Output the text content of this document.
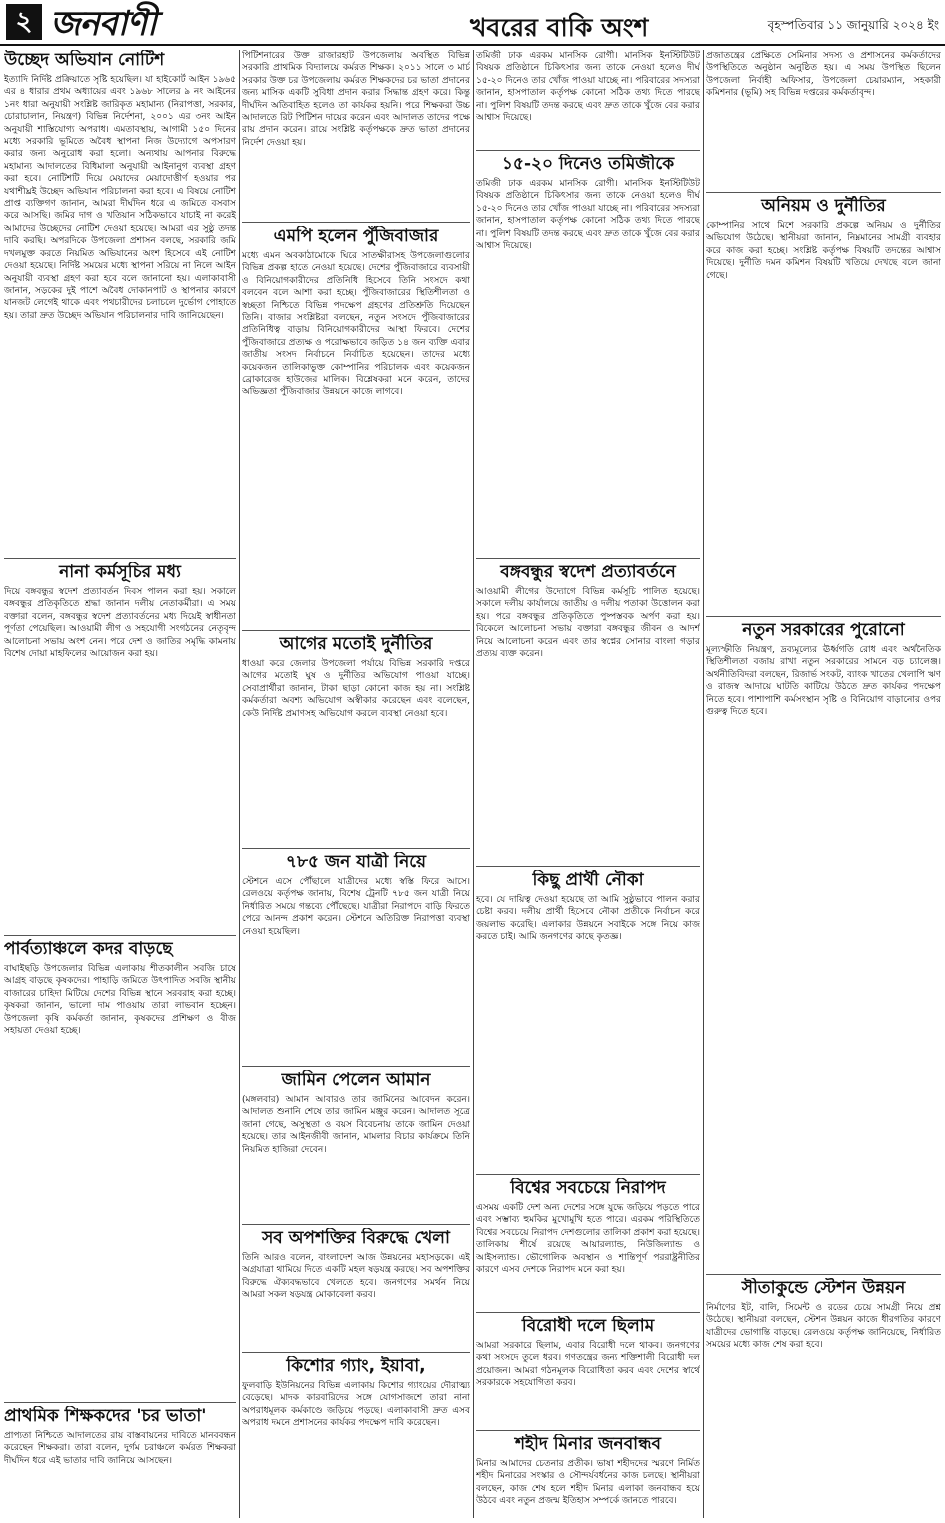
২ জনবাণী	খবরের বাকি অংশ	বৃহস্পতিবার ১১ জানুয়ারি ২০২৪ ইং
উচ্ছেদ অভিযান নোটিশ

ইত্যাদি নির্দিষ্ট প্রক্রিয়াতে সৃষ্টি হয়েছিল। যা হাইকোর্ট আইন ১৯৬৫ এর ৪ ধারার প্রথম অধ্যায়ের এবং ১৯৬৮ সালের ৯ নং আইনের ১নং ধারা অনুযায়ী সংশ্লিষ্ট জারিকৃত মহামান্য (নিরাপত্তা, সরকার, চোরাচালান, নিয়ন্ত্রণ) বিভিন্ন নির্দেশনা, ২০০১ এর ৩নং আইন অনুযায়ী শাস্তিযোগ্য অপরাধ। এমতাবস্থায়, আগামী ১৫০ দিনের মধ্যে সরকারি ভূমিতে অবৈধ স্থাপনা নিজ উদ্যোগে অপসারণ করার জন্য অনুরোধ করা হলো। অন্যথায় আপনার বিরুদ্ধে মহামান্য আদালতের বিধিমালা অনুযায়ী আইনানুগ ব্যবস্থা গ্রহণ করা হবে। নোটিশটি দিয়ে মেয়াদের মেয়াদোত্তীর্ণ হওয়ার পর যথাশীঘ্রই উচ্ছেদ অভিযান পরিচালনা করা হবে। এ বিষয়ে নোটিশ প্রাপ্ত ব্যক্তিগণ জানান, আমরা দীর্ঘদিন ধরে এ জমিতে বসবাস করে আসছি। জমির দাগ ও খতিয়ান সঠিকভাবে যাচাই না করেই আমাদের উচ্ছেদের নোটিশ দেওয়া হয়েছে। আমরা এর সুষ্ঠু তদন্ত দাবি করছি। অপরদিকে উপজেলা প্রশাসন বলছে, সরকারি জমি দখলমুক্ত করতে নিয়মিত অভিযানের অংশ হিসেবে এই নোটিশ দেওয়া হয়েছে। নির্দিষ্ট সময়ের মধ্যে স্থাপনা সরিয়ে না নিলে আইন অনুযায়ী ব্যবস্থা গ্রহণ করা হবে বলে জানানো হয়। এলাকাবাসী জানান, সড়কের দুই পাশে অবৈধ দোকানপাট ও স্থাপনার কারণে যানজট লেগেই থাকে এবং পথচারীদের চলাচলে দুর্ভোগ পোহাতে হয়। তারা দ্রুত উচ্ছেদ অভিযান পরিচালনার দাবি জানিয়েছেন।

নানা কর্মসূচির মধ্য

দিয়ে বঙ্গবন্ধুর স্বদেশ প্রত্যাবর্তন দিবস পালন করা হয়। সকালে বঙ্গবন্ধুর প্রতিকৃতিতে শ্রদ্ধা জানান দলীয় নেতাকর্মীরা। এ সময় বক্তারা বলেন, বঙ্গবন্ধুর স্বদেশ প্রত্যাবর্তনের মধ্য দিয়েই স্বাধীনতা পূর্ণতা পেয়েছিল। আওয়ামী লীগ ও সহযোগী সংগঠনের নেতৃবৃন্দ আলোচনা সভায় অংশ নেন। পরে দেশ ও জাতির সমৃদ্ধি কামনায় বিশেষ দোয়া মাহফিলের আয়োজন করা হয়।

পার্বত্যাঞ্চলে কদর বাড়ছে

বাঘাইছড়ি উপজেলার বিভিন্ন এলাকায় শীতকালীন সবজি চাষে আগ্রহ বাড়ছে কৃষকদের। পাহাড়ি জমিতে উৎপাদিত সবজি স্থানীয় বাজারের চাহিদা মিটিয়ে দেশের বিভিন্ন স্থানে সরবরাহ করা হচ্ছে। কৃষকরা জানান, ভালো দাম পাওয়ায় তারা লাভবান হচ্ছেন। উপজেলা কৃষি কর্মকর্তা জানান, কৃষকদের প্রশিক্ষণ ও বীজ সহায়তা দেওয়া হচ্ছে।

প্রাথমিক শিক্ষকদের 'চর ভাতা'

প্রাপ্যতা নিশ্চিতে আদালতের রায় বাস্তবায়নের দাবিতে মানববন্ধন করেছেন শিক্ষকরা। তারা বলেন, দুর্গম চরাঞ্চলে কর্মরত শিক্ষকরা দীর্ঘদিন ধরে এই ভাতার দাবি জানিয়ে আসছেন।

পিটিশনারের উক্ত রাজারহাট উপজেলায় অবস্থিত বিভিন্ন সরকারি প্রাথমিক বিদ্যালয়ে কর্মরত শিক্ষক। ২০১১ সালে ৩ মার্চ সরকার উক্ত চর উপজেলায় কর্মরত শিক্ষকদের চর ভাতা প্রদানের জন্য মাসিক একটি সুবিধা প্রদান করার সিদ্ধান্ত গ্রহণ করে। কিন্তু দীর্ঘদিন অতিবাহিত হলেও তা কার্যকর হয়নি। পরে শিক্ষকরা উচ্চ আদালতে রিট পিটিশন দায়ের করেন এবং আদালত তাদের পক্ষে রায় প্রদান করেন। রায়ে সংশ্লিষ্ট কর্তৃপক্ষকে দ্রুত ভাতা প্রদানের নির্দেশ দেওয়া হয়।

এমপি হলেন পুঁজিবাজার

মধ্যে এমন অবকাঠামোকে ঘিরে সাতক্ষীরাসহ উপজেলাগুলোর বিভিন্ন প্রকল্প হাতে নেওয়া হয়েছে। দেশের পুঁজিবাজারে ব্যবসায়ী ও বিনিয়োগকারীদের প্রতিনিধি হিসেবে তিনি সংসদে কথা বলবেন বলে আশা করা হচ্ছে। পুঁজিবাজারের স্থিতিশীলতা ও স্বচ্ছতা নিশ্চিতে বিভিন্ন পদক্ষেপ গ্রহণের প্রতিশ্রুতি দিয়েছেন তিনি। বাজার সংশ্লিষ্টরা বলছেন, নতুন সংসদে পুঁজিবাজারের প্রতিনিধিত্ব বাড়ায় বিনিয়োগকারীদের আস্থা ফিরবে। দেশের পুঁজিবাজারে প্রত্যক্ষ ও পরোক্ষভাবে জড়িত ১৪ জন ব্যক্তি এবার জাতীয় সংসদ নির্বাচনে নির্বাচিত হয়েছেন। তাদের মধ্যে কয়েকজন তালিকাভুক্ত কোম্পানির পরিচালক এবং কয়েকজন ব্রোকারেজ হাউজের মালিক। বিশ্লেষকরা মনে করেন, তাদের অভিজ্ঞতা পুঁজিবাজার উন্নয়নে কাজে লাগবে।

আগের মতোই দুর্নীতির

ধাওয়া করে জেলার উপজেলা পর্যায়ে বিভিন্ন সরকারি দপ্তরে আগের মতোই ঘুষ ও দুর্নীতির অভিযোগ পাওয়া যাচ্ছে। সেবাপ্রার্থীরা জানান, টাকা ছাড়া কোনো কাজ হয় না। সংশ্লিষ্ট কর্মকর্তারা অবশ্য অভিযোগ অস্বীকার করেছেন এবং বলেছেন, কেউ নির্দিষ্ট প্রমাণসহ অভিযোগ করলে ব্যবস্থা নেওয়া হবে।

৭৮৫ জন যাত্রী নিয়ে

স্টেশনে এসে পৌঁছালে যাত্রীদের মধ্যে স্বস্তি ফিরে আসে। রেলওয়ে কর্তৃপক্ষ জানায়, বিশেষ ট্রেনটি ৭৮৫ জন যাত্রী নিয়ে নির্ধারিত সময়ে গন্তব্যে পৌঁছেছে। যাত্রীরা নিরাপদে বাড়ি ফিরতে পেরে আনন্দ প্রকাশ করেন। স্টেশনে অতিরিক্ত নিরাপত্তা ব্যবস্থা নেওয়া হয়েছিল।

জামিন পেলেন আমান

(মঙ্গলবার) আমান আবারও তার জামিনের আবেদন করেন। আদালত শুনানি শেষে তার জামিন মঞ্জুর করেন। আদালত সূত্রে জানা গেছে, অসুস্থতা ও বয়স বিবেচনায় তাকে জামিন দেওয়া হয়েছে। তার আইনজীবী জানান, মামলার বিচার কার্যক্রমে তিনি নিয়মিত হাজিরা দেবেন।

সব অপশক্তির বিরুদ্ধে খেলা

তিনি আরও বলেন, বাংলাদেশ আজ উন্নয়নের মহাসড়কে। এই অগ্রযাত্রা থামিয়ে দিতে একটি মহল ষড়যন্ত্র করছে। সব অপশক্তির বিরুদ্ধে ঐক্যবদ্ধভাবে খেলতে হবে। জনগণের সমর্থন নিয়ে আমরা সকল ষড়যন্ত্র মোকাবেলা করব।

কিশোর গ্যাং, ইয়াবা,

ফুলবাড়ি ইউনিয়নের বিভিন্ন এলাকায় কিশোর গ্যাংয়ের দৌরাত্ম্য বেড়েছে। মাদক কারবারিদের সঙ্গে যোগসাজশে তারা নানা অপরাধমূলক কর্মকাণ্ডে জড়িয়ে পড়ছে। এলাকাবাসী দ্রুত এসব অপরাধ দমনে প্রশাসনের কার্যকর পদক্ষেপ দাবি করেছেন।

তমিজী ঢাক এরকম মানসিক রোগী। মানসিক ইনস্টিটিউট বিষয়ক প্রতিষ্ঠানে চিকিৎসার জন্য তাকে নেওয়া হলেও দীর্ঘ ১৫-২০ দিনেও তার খোঁজ পাওয়া যাচ্ছে না। পরিবারের সদস্যরা জানান, হাসপাতাল কর্তৃপক্ষ কোনো সঠিক তথ্য দিতে পারছে না। পুলিশ বিষয়টি তদন্ত করছে এবং দ্রুত তাকে খুঁজে বের করার আশ্বাস দিয়েছে।

১৫-২০ দিনেও তমিজীকে

তমিজী ঢাক এরকম মানসিক রোগী। মানসিক ইনস্টিটিউট বিষয়ক প্রতিষ্ঠানে চিকিৎসার জন্য তাকে নেওয়া হলেও দীর্ঘ ১৫-২০ দিনেও তার খোঁজ পাওয়া যাচ্ছে না। পরিবারের সদস্যরা জানান, হাসপাতাল কর্তৃপক্ষ কোনো সঠিক তথ্য দিতে পারছে না। পুলিশ বিষয়টি তদন্ত করছে এবং দ্রুত তাকে খুঁজে বের করার আশ্বাস দিয়েছে।

বঙ্গবন্ধুর স্বদেশ প্রত্যাবর্তনে

আওয়ামী লীগের উদ্যোগে বিভিন্ন কর্মসূচি পালিত হয়েছে। সকালে দলীয় কার্যালয়ে জাতীয় ও দলীয় পতাকা উত্তোলন করা হয়। পরে বঙ্গবন্ধুর প্রতিকৃতিতে পুষ্পস্তবক অর্পণ করা হয়। বিকেলে আলোচনা সভায় বক্তারা বঙ্গবন্ধুর জীবন ও আদর্শ নিয়ে আলোচনা করেন এবং তার স্বপ্নের সোনার বাংলা গড়ার প্রত্যয় ব্যক্ত করেন।

কিছু প্রার্থী নৌকা

হবে। যে দায়িত্ব দেওয়া হয়েছে তা আমি সুষ্ঠুভাবে পালন করার চেষ্টা করব। দলীয় প্রার্থী হিসেবে নৌকা প্রতীকে নির্বাচন করে জয়লাভ করেছি। এলাকার উন্নয়নে সবাইকে সঙ্গে নিয়ে কাজ করতে চাই। আমি জনগণের কাছে কৃতজ্ঞ।

বিশ্বের সবচেয়ে নিরাপদ

এসময় একটি দেশ অন্য দেশের সঙ্গে যুদ্ধে জড়িয়ে পড়তে পারে এবং সম্ভাব্য হুমকির মুখোমুখি হতে পারে। এরকম পরিস্থিতিতে বিশ্বের সবচেয়ে নিরাপদ দেশগুলোর তালিকা প্রকাশ করা হয়েছে। তালিকায় শীর্ষে রয়েছে আয়ারল্যান্ড, নিউজিল্যান্ড ও আইসল্যান্ড। ভৌগোলিক অবস্থান ও শান্তিপূর্ণ পররাষ্ট্রনীতির কারণে এসব দেশকে নিরাপদ মনে করা হয়।

বিরোধী দলে ছিলাম

আমরা সরকারে ছিলাম, এবার বিরোধী দলে থাকব। জনগণের কথা সংসদে তুলে ধরব। গণতন্ত্রের জন্য শক্তিশালী বিরোধী দল প্রয়োজন। আমরা গঠনমূলক বিরোধিতা করব এবং দেশের স্বার্থে সরকারকে সহযোগিতা করব।

শহীদ মিনার জনবান্ধব

মিনার আমাদের চেতনার প্রতীক। ভাষা শহীদদের স্মরণে নির্মিত শহীদ মিনারের সংস্কার ও সৌন্দর্যবর্ধনের কাজ চলছে। স্থানীয়রা বলছেন, কাজ শেষ হলে শহীদ মিনার এলাকা জনবান্ধব হয়ে উঠবে এবং নতুন প্রজন্ম ইতিহাস সম্পর্কে জানতে পারবে।

প্রজাতন্ত্রের প্রেক্ষিতে সেমিনার সদস্য ও প্রশাসনের কর্মকর্তাদের উপস্থিতিতে অনুষ্ঠান অনুষ্ঠিত হয়। এ সময় উপস্থিত ছিলেন উপজেলা নির্বাহী অফিসার, উপজেলা চেয়ারম্যান, সহকারী কমিশনার (ভূমি) সহ বিভিন্ন দপ্তরের কর্মকর্তাবৃন্দ।

অনিয়ম ও দুর্নীতির

কোম্পানির সাথে মিশে সরকারি প্রকল্পে অনিয়ম ও দুর্নীতির অভিযোগ উঠেছে। স্থানীয়রা জানান, নিম্নমানের সামগ্রী ব্যবহার করে কাজ করা হচ্ছে। সংশ্লিষ্ট কর্তৃপক্ষ বিষয়টি তদন্তের আশ্বাস দিয়েছে। দুর্নীতি দমন কমিশন বিষয়টি খতিয়ে দেখছে বলে জানা গেছে।

নতুন সরকারের পুরোনো

মূল্যস্ফীতি নিয়ন্ত্রণ, দ্রব্যমূল্যের ঊর্ধ্বগতি রোধ এবং অর্থনৈতিক স্থিতিশীলতা বজায় রাখা নতুন সরকারের সামনে বড় চ্যালেঞ্জ। অর্থনীতিবিদরা বলছেন, রিজার্ভ সংকট, ব্যাংক খাতের খেলাপি ঋণ ও রাজস্ব আদায়ে ঘাটতি কাটিয়ে উঠতে দ্রুত কার্যকর পদক্ষেপ নিতে হবে। পাশাপাশি কর্মসংস্থান সৃষ্টি ও বিনিয়োগ বাড়ানোর ওপর গুরুত্ব দিতে হবে।

সীতাকুন্ডে স্টেশন উন্নয়ন

নির্মাণের ইট, বালি, সিমেন্ট ও রডের চেয়ে সামগ্রী নিয়ে প্রশ্ন উঠেছে। স্থানীয়রা বলছেন, স্টেশন উন্নয়ন কাজে ধীরগতির কারণে যাত্রীদের ভোগান্তি বাড়ছে। রেলওয়ে কর্তৃপক্ষ জানিয়েছে, নির্ধারিত সময়ের মধ্যে কাজ শেষ করা হবে।
